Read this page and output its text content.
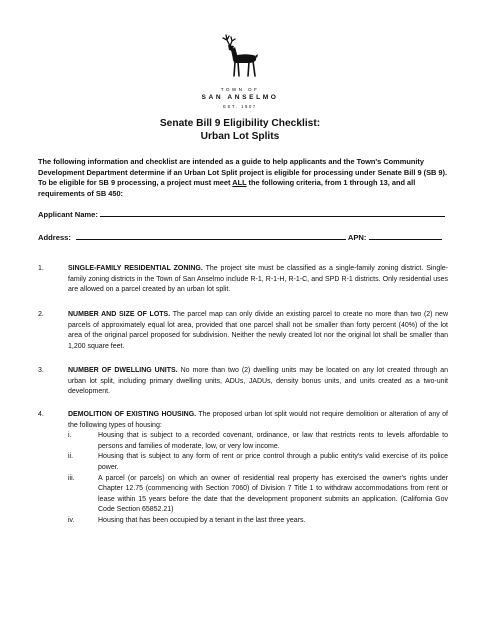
TOWN OF
SAN ANSELMO
EST. 1907
Senate Bill 9 Eligibility Checklist:
Urban Lot Splits
The following information and checklist are intended as a guide to help applicants and the Town's Community Development Department determine if an Urban Lot Split project is eligible for processing under Senate Bill 9 (SB 9). To be eligible for SB 9 processing, a project must meet ALL the following criteria, from 1 through 13, and all requirements of SB 450:
Applicant Name:
Address:	APN:
1.	SINGLE-FAMILY RESIDENTIAL ZONING. The project site must be classified as a single-family zoning district. Single-family zoning districts in the Town of San Anselmo include R-1, R-1-H, R-1-C, and SPD R-1 districts. Only residential uses are allowed on a parcel created by an urban lot split.
2.	NUMBER AND SIZE OF LOTS. The parcel map can only divide an existing parcel to create no more than two (2) new parcels of approximately equal lot area, provided that one parcel shall not be smaller than forty percent (40%) of the lot area of the original parcel proposed for subdivision. Neither the newly created lot nor the original lot shall be smaller than 1,200 square feet.
3.	NUMBER OF DWELLING UNITS. No more than two (2) dwelling units may be located on any lot created through an urban lot split, including primary dwelling units, ADUs, JADUs, density bonus units, and units created as a two-unit development.
4.	DEMOLITION OF EXISTING HOUSING. The proposed urban lot split would not require demolition or alteration of any of the following types of housing:
i.	Housing that is subject to a recorded covenant, ordinance, or law that restricts rents to levels affordable to persons and families of moderate, low, or very low income.
ii.	Housing that is subject to any form of rent or price control through a public entity's valid exercise of its police power.
iii.	A parcel (or parcels) on which an owner of residential real property has exercised the owner's rights under Chapter 12.75 (commencing with Section 7060) of Division 7 Title 1 to withdraw accommodations from rent or lease within 15 years before the date that the development proponent submits an application. (California Gov Code Section 65852.21)
iv.	Housing that has been occupied by a tenant in the last three years.
